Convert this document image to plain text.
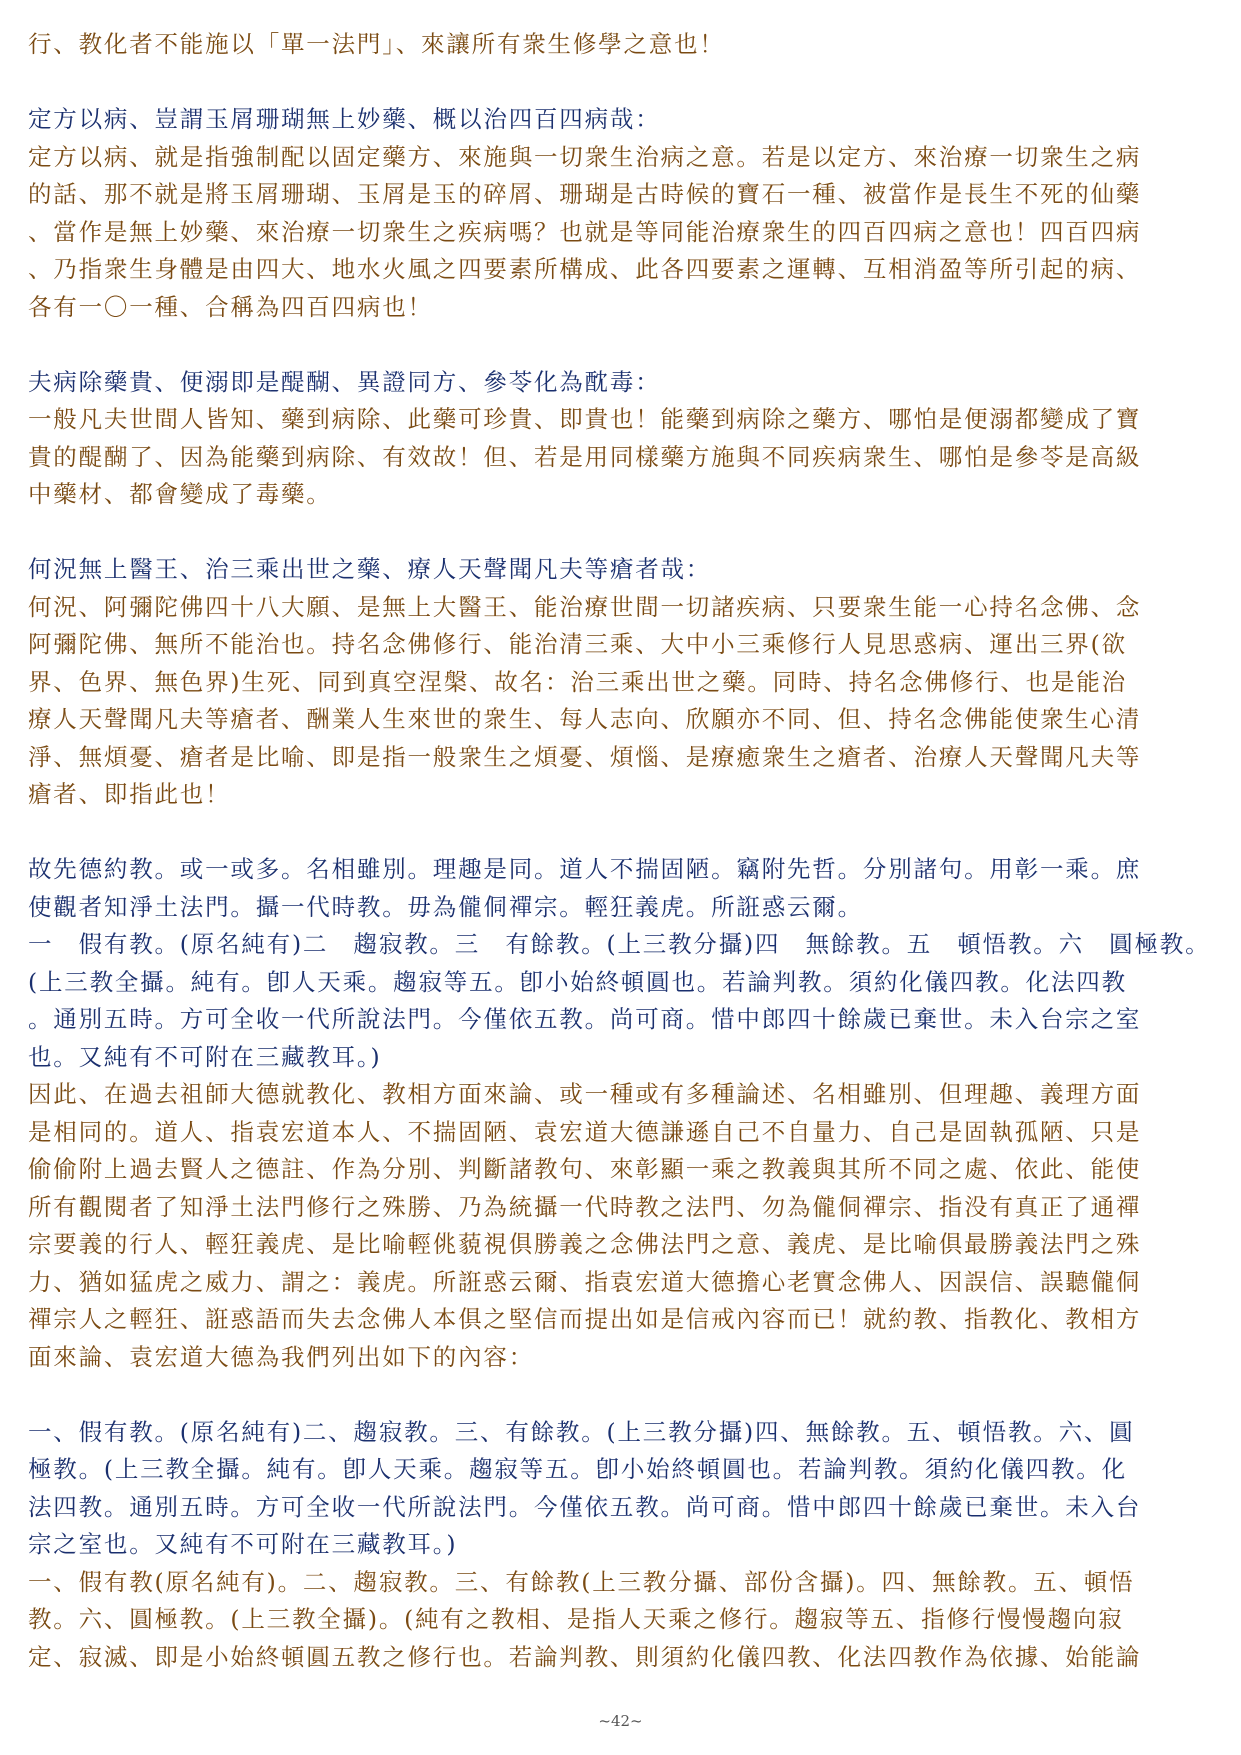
行、教化者不能施以「單一法門」、來讓所有衆生修學之意也！
定方以病、豈謂玉屑珊瑚無上妙藥、概以治四百四病哉：
定方以病、就是指強制配以固定藥方、來施與一切衆生治病之意。若是以定方、來治療一切衆生之病
的話、那不就是將玉屑珊瑚、玉屑是玉的碎屑、珊瑚是古時候的寶石一種、被當作是長生不死的仙藥
、當作是無上妙藥、來治療一切衆生之疾病嗎？也就是等同能治療衆生的四百四病之意也！四百四病
、乃指衆生身體是由四大、地水火風之四要素所構成、此各四要素之運轉、互相消盈等所引起的病、
各有一〇一種、合稱為四百四病也！
夫病除藥貴、便溺即是醍醐、異證同方、參苓化為酖毒：
一般凡夫世間人皆知、藥到病除、此藥可珍貴、即貴也！能藥到病除之藥方、哪怕是便溺都變成了寶
貴的醍醐了、因為能藥到病除、有效故！但、若是用同樣藥方施與不同疾病衆生、哪怕是參苓是高級
中藥材、都會變成了毒藥。
何況無上醫王、治三乘出世之藥、療人天聲聞凡夫等瘡者哉：
何況、阿彌陀佛四十八大願、是無上大醫王、能治療世間一切諸疾病、只要衆生能一心持名念佛、念
阿彌陀佛、無所不能治也。持名念佛修行、能治清三乘、大中小三乘修行人見思惑病、運出三界(欲
界、色界、無色界)生死、同到真空涅槃、故名：治三乘出世之藥。同時、持名念佛修行、也是能治
療人天聲聞凡夫等瘡者、酬業人生來世的衆生、每人志向、欣願亦不同、但、持名念佛能使衆生心清
淨、無煩憂、瘡者是比喻、即是指一般衆生之煩憂、煩惱、是療癒衆生之瘡者、治療人天聲聞凡夫等
瘡者、即指此也！
故先德約教。或一或多。名相雖別。理趣是同。道人不揣固陋。竊附先哲。分別諸句。用彰一乘。庶
使觀者知淨土法門。攝一代時教。毋為儱侗禪宗。輕狂義虎。所誑惑云爾。
一　假有教。(原名純有)二　趨寂教。三　有餘教。(上三教分攝)四　無餘教。五　頓悟教。六　圓極教。
(上三教全攝。純有。卽人天乘。趨寂等五。卽小始終頓圓也。若論判教。須約化儀四教。化法四教
。通別五時。方可全收一代所說法門。今僅依五教。尚可商。惜中郎四十餘歲已棄世。未入台宗之室
也。又純有不可附在三藏教耳。)
因此、在過去祖師大德就教化、教相方面來論、或一種或有多種論述、名相雖別、但理趣、義理方面
是相同的。道人、指袁宏道本人、不揣固陋、袁宏道大德謙遜自己不自量力、自己是固執孤陋、只是
偷偷附上過去賢人之德註、作為分別、判斷諸教句、來彰顯一乘之教義與其所不同之處、依此、能使
所有觀閱者了知淨土法門修行之殊勝、乃為統攝一代時教之法門、勿為儱侗禪宗、指没有真正了通禪
宗要義的行人、輕狂義虎、是比喻輕佻藐視俱勝義之念佛法門之意、義虎、是比喻俱最勝義法門之殊
力、猶如猛虎之威力、謂之：義虎。所誑惑云爾、指袁宏道大德擔心老實念佛人、因誤信、誤聽儱侗
禪宗人之輕狂、誑惑語而失去念佛人本俱之堅信而提出如是信戒內容而已！就約教、指教化、教相方
面來論、袁宏道大德為我們列出如下的內容：
一、假有教。(原名純有)二、趨寂教。三、有餘教。(上三教分攝)四、無餘教。五、頓悟教。六、圓
極教。(上三教全攝。純有。卽人天乘。趨寂等五。卽小始終頓圓也。若論判教。須約化儀四教。化
法四教。通別五時。方可全收一代所說法門。今僅依五教。尚可商。惜中郎四十餘歲已棄世。未入台
宗之室也。又純有不可附在三藏教耳。)
一、假有教(原名純有)。二、趨寂教。三、有餘教(上三教分攝、部份含攝)。四、無餘教。五、頓悟
教。六、圓極教。(上三教全攝)。(純有之教相、是指人天乘之修行。趨寂等五、指修行慢慢趨向寂
定、寂滅、即是小始終頓圓五教之修行也。若論判教、則須約化儀四教、化法四教作為依據、始能論
~42~
